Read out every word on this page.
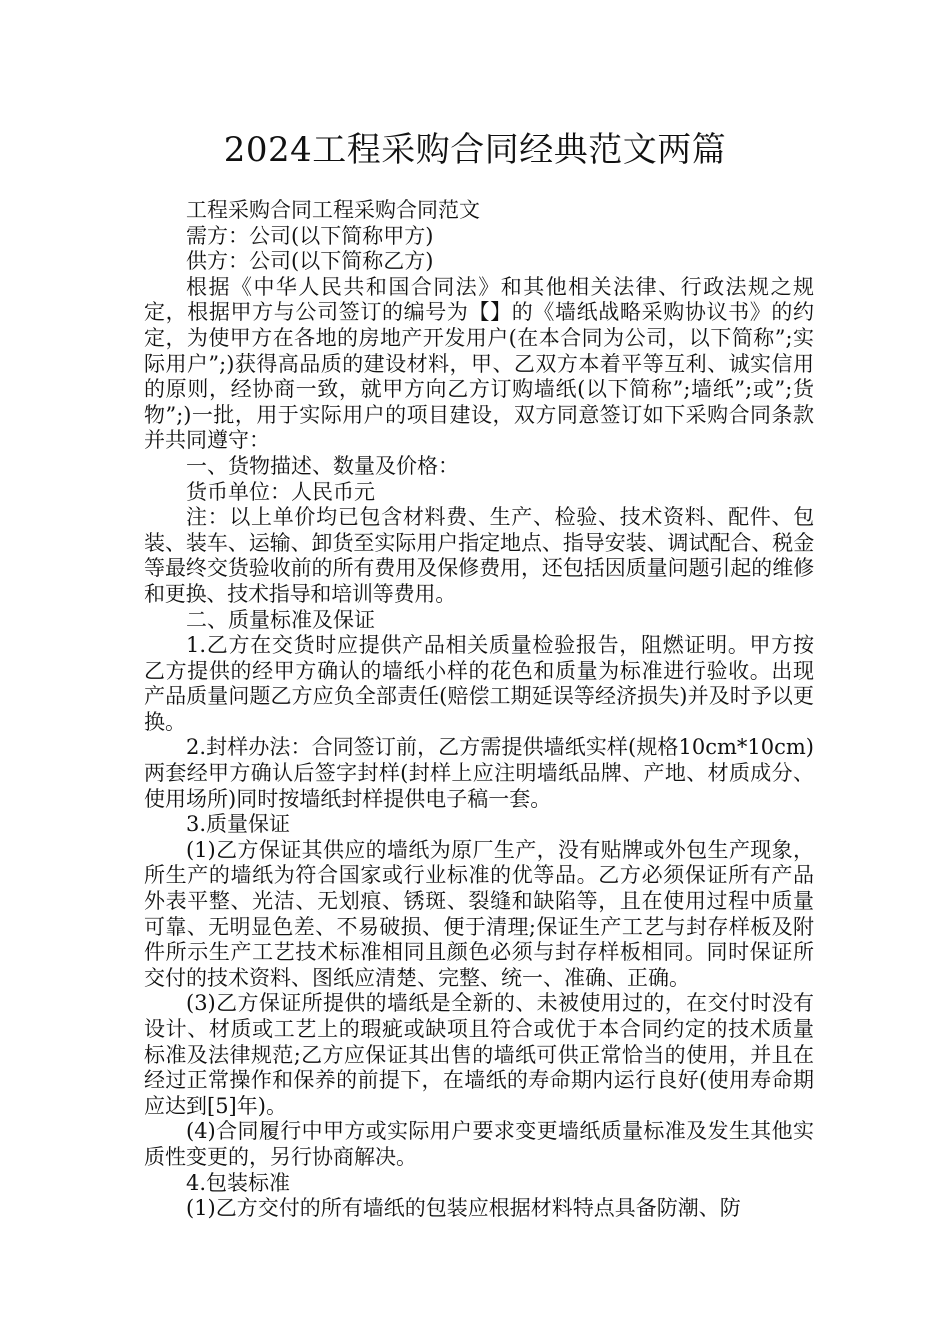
2024工程采购合同经典范文两篇

工程采购合同工程采购合同范文

需方：公司(以下简称甲方)

供方：公司(以下简称乙方)

根据《中华人民共和国合同法》和其他相关法律、行政法规之规定，根据甲方与公司签订的编号为【】的《墙纸战略采购协议书》的约定，为使甲方在各地的房地产开发用户(在本合同为公司，以下简称”;实际用户”;)获得高品质的建设材料，甲、乙双方本着平等互利、诚实信用的原则，经协商一致，就甲方向乙方订购墙纸(以下简称”;墙纸”;或”;货物”;)一批，用于实际用户的项目建设，双方同意签订如下采购合同条款并共同遵守：

一、货物描述、数量及价格：

货币单位：人民币元

注：以上单价均已包含材料费、生产、检验、技术资料、配件、包装、装车、运输、卸货至实际用户指定地点、指导安装、调试配合、税金等最终交货验收前的所有费用及保修费用，还包括因质量问题引起的维修和更换、技术指导和培训等费用。

二、质量标准及保证

1.乙方在交货时应提供产品相关质量检验报告，阻燃证明。甲方按乙方提供的经甲方确认的墙纸小样的花色和质量为标准进行验收。出现产品质量问题乙方应负全部责任(赔偿工期延误等经济损失)并及时予以更换。

2.封样办法：合同签订前，乙方需提供墙纸实样(规格10cm*10cm)两套经甲方确认后签字封样(封样上应注明墙纸品牌、产地、材质成分、使用场所)同时按墙纸封样提供电子稿一套。

3.质量保证

(1)乙方保证其供应的墙纸为原厂生产，没有贴牌或外包生产现象，所生产的墙纸为符合国家或行业标准的优等品。乙方必须保证所有产品外表平整、光洁、无划痕、锈斑、裂缝和缺陷等，且在使用过程中质量可靠、无明显色差、不易破损、便于清理;保证生产工艺与封存样板及附件所示生产工艺技术标准相同且颜色必须与封存样板相同。同时保证所交付的技术资料、图纸应清楚、完整、统一、准确、正确。

(3)乙方保证所提供的墙纸是全新的、未被使用过的，在交付时没有设计、材质或工艺上的瑕疵或缺项且符合或优于本合同约定的技术质量标准及法律规范;乙方应保证其出售的墙纸可供正常恰当的使用，并且在经过正常操作和保养的前提下，在墙纸的寿命期内运行良好(使用寿命期应达到[5]年)。

(4)合同履行中甲方或实际用户要求变更墙纸质量标准及发生其他实质性变更的，另行协商解决。

4.包装标准

(1)乙方交付的所有墙纸的包装应根据材料特点具备防潮、防
